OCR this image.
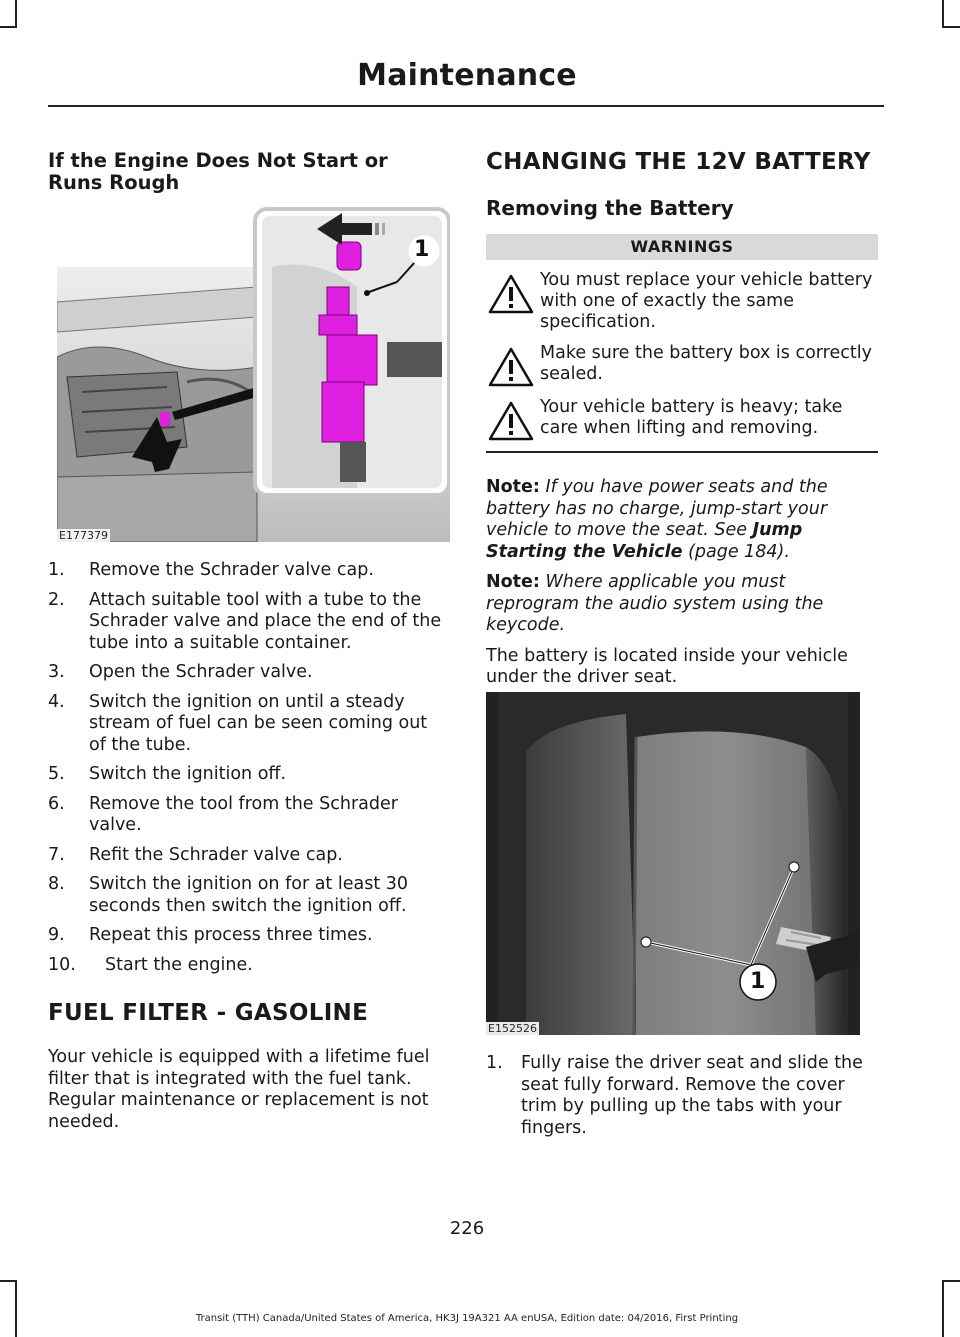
Maintenance
If the Engine Does Not Start or Runs Rough
1
E177379
1. Remove the Schrader valve cap.
2. Attach suitable tool with a tube to the Schrader valve and place the end of the tube into a suitable container.
3. Open the Schrader valve.
4. Switch the ignition on until a steady stream of fuel can be seen coming out of the tube.
5. Switch the ignition off.
6. Remove the tool from the Schrader valve.
7. Refit the Schrader valve cap.
8. Switch the ignition on for at least 30 seconds then switch the ignition off.
9. Repeat this process three times.
10. Start the engine.
FUEL FILTER - GASOLINE

Your vehicle is equipped with a lifetime fuel filter that is integrated with the fuel tank. Regular maintenance or replacement is not needed.

CHANGING THE 12V BATTERY
Removing the Battery
WARNINGS
You must replace your vehicle battery with one of exactly the same specification.
Make sure the battery box is correctly sealed.
Your vehicle battery is heavy; take care when lifting and removing.

Note: If you have power seats and the battery has no charge, jump-start your vehicle to move the seat. See Jump Starting the Vehicle (page 184).

Note: Where applicable you must reprogram the audio system using the keycode.

The battery is located inside your vehicle under the driver seat.

1
E152526
1. Fully raise the driver seat and slide the seat fully forward. Remove the cover trim by pulling up the tabs with your fingers.
226
Transit (TTH) Canada/United States of America, HK3J 19A321 AA enUSA, Edition date: 04/2016, First Printing
